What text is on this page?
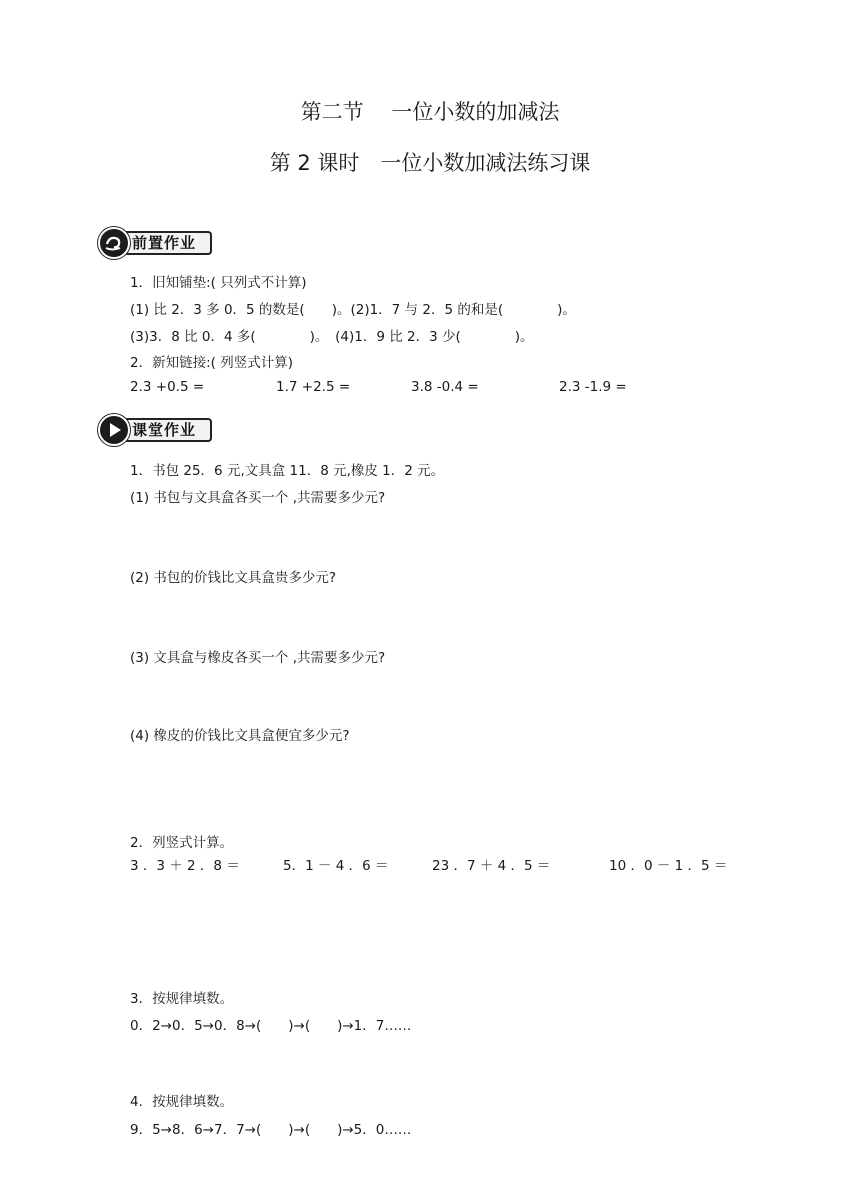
第二节　 一位小数的加减法
第 2 课时　一位小数加减法练习课
前置作业
1．旧知铺垫:( 只列式不计算)
(1) 比 2．3 多 0．5 的数是(　　)。(2)1．7 与 2．5 的和是(　　　　)。
(3)3．8 比 0．4 多(　　　　)。　(4)1．9 比 2．3 少(　　　　)。
2．新知链接:( 列竖式计算)
2.3 +0.5 =	1.7 +2.5 =	3.8 -0.4 =	2.3 -1.9 =
课堂作业
1．书包 25．6 元,文具盒 11．8 元,橡皮 1．2 元。
(1) 书包与文具盒各买一个 ,共需要多少元?
(2) 书包的价钱比文具盒贵多少元?
(3) 文具盒与橡皮各买一个 ,共需要多少元?
(4) 橡皮的价钱比文具盒便宜多少元?
2．列竖式计算。
3 ．3 ＋ 2 ．8 ＝	5．1 － 4 ．6 ＝	23 ．7 ＋ 4 ．5 ＝	10 ．0 － 1 ．5 ＝
3．按规律填数。
0．2→0．5→0．8→(　　)→(　　)→1．7……
4．按规律填数。
9．5→8．6→7．7→(　　)→(　　)→5．0……
